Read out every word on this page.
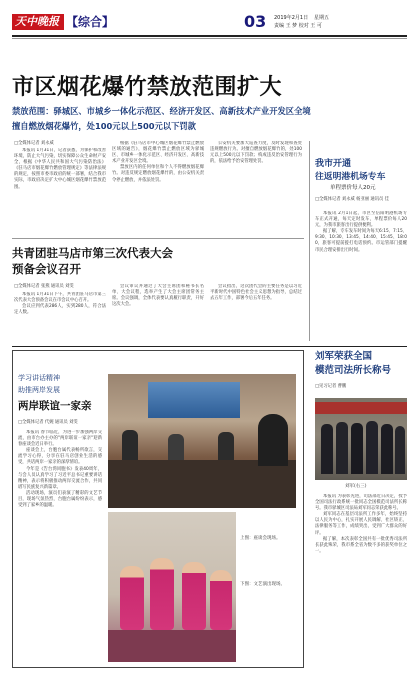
天中晚报 【综合】	03 2019年2月1日 星期五
责编 王 梦 校对 王 可
市区烟花爆竹禁放范围扩大
禁放范围：驿城区、市城乡一体化示范区、经济开发区、高新技术产业开发区全境
擅自燃放烟花爆竹，处100元以上500元以下罚款
□全媒体记者 刘永威

本报讯 1月31日，记者获悉，为保护和改善环境，防止大气污染，切实保障公众生命财产安全，根据《中华人民共和国大气污染防治法》《驻马店市烟花爆竹燃放管理规定》等法律法规的规定，按照市委市政府的统一部署，结合我市实际，市政府决定扩大中心城区烟花爆竹禁放范围。

根据《驻马店市中心城区烟花爆竹禁止燃放区域的通告》，烟花爆竹禁止燃放区域为驿城区、市城乡一体化示范区、经济开发区、高新技术产业开发区全境。

禁放区内的任何单位和个人不得燃放烟花爆竹。对违反规定燃放烟花爆竹的，由公安机关责令停止燃放，并依法处罚。

公安机关要加大巡查力度，及时发现和查处违规燃放行为。对擅自燃放烟花爆竹的，处100元以上500元以下罚款；构成违反治安管理行为的，依法给予治安管理处罚。	我市开通
往返明港机场专车
单程票价每人20元
□全媒体记者 刘永威 杨亚丽 通讯员 佳

本报讯 2月1日起，市区至信阳明港机场专车正式开通，每天定时发车，单程票价每人20元，为我市旅客出行提供便利。

据了解，专车发车时间为每天6:15、7:15、9:30、10:30、13:45、14:40、15:45、18:00，旅客可提前拨打电话预约。市运管部门提醒市民合理安排出行时间。

共青团驻马店市第三次代表大会
预备会议召开
□全媒体记者 张燕 通讯员 刘雯

本报讯 1月31日下午，共青团驻马店市第三次代表大会预备会议在市会议中心召开。

会议应到代表286人，实到280人，符合法定人数。

会议审议并通过了大会主席团和秘书长名单、大会议程，选举产生了大会主席团常务主席。会议强调，全体代表要认真履行职责，开好这次大会。

会议指出，这次团代会的主要任务是以习近平新时代中国特色社会主义思想为指导，总结过去五年工作，部署今后五年任务。

学习讲话精神
助推两岸发展
两岸联谊一家亲
□全媒体记者 代婉 通讯员 刘雯

本报讯 春节临近，为进一步加强两岸交流，由市台办主办的"两岸联谊一家亲"迎新春座谈会近日举行。

座谈会上，台胞台属代表畅所欲言，交流学习心得，分享在驻马店创业生活的感受，共话两岸一家亲的深厚情谊。

今年是《告台湾同胞书》发表40周年，与会人员认真学习了习近平总书记重要讲话精神，表示将积极推动两岸交流合作，共同谱写民族复兴新篇章。

活动现场，演员们表演了精彩的文艺节目，现场气氛热烈，台胞台属纷纷表示，感受到了家乡的温暖。

上图：座谈会现场。
下图：文艺演出现场。
刘军荣获全国
模范司法所长称号
□见习记者 曹鹏
刘军(右三)

本报讯 为表彰先进，司法部近日决定，授予全国司法行政系统一批同志全国模范司法所长称号。我市驿城区司法局刘军同志荣获此称号。

刘军同志在基层司法所工作多年，始终坚持以人民为中心，扎实开展人民调解、社区矫正、法律服务等工作，成绩突出，受到广大群众的好评。

据了解，本次表彰全国共有一批优秀司法所长获此殊荣，我市系全省为数不多的获奖单位之一。
